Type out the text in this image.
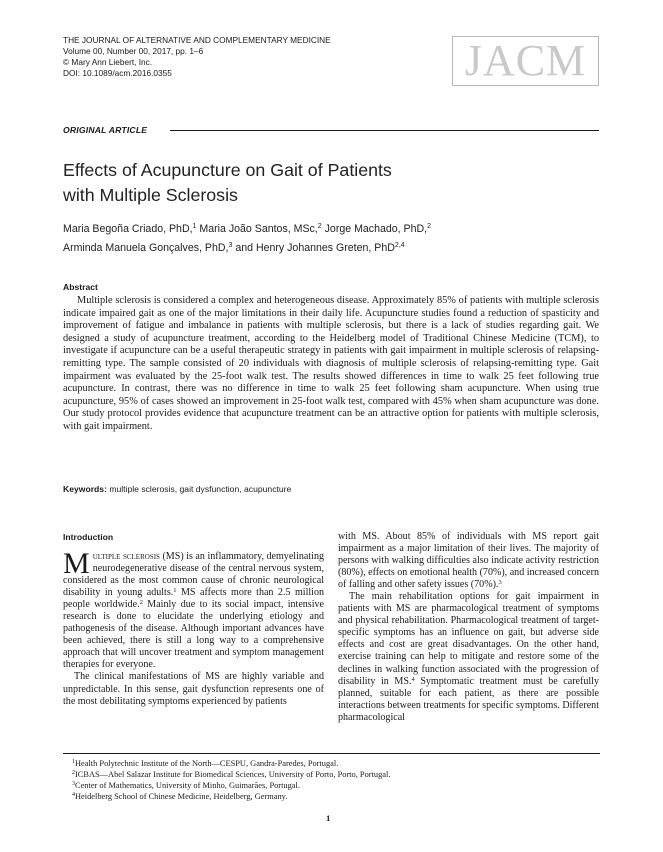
THE JOURNAL OF ALTERNATIVE AND COMPLEMENTARY MEDICINE
Volume 00, Number 00, 2017, pp. 1–6
© Mary Ann Liebert, Inc.
DOI: 10.1089/acm.2016.0355	JACM
ORIGINAL ARTICLE
Effects of Acupuncture on Gait of Patients
with Multiple Sclerosis
Maria Begoña Criado, PhD,$^1$ Maria João Santos, MSc,$^2$ Jorge Machado, PhD,$^2$
Arminda Manuela Gonçalves, PhD,$^3$ and Henry Johannes Greten, PhD$^{2,4}$
Abstract

Multiple sclerosis is considered a complex and heterogeneous disease. Approximately 85% of patients with multiple sclerosis indicate impaired gait as one of the major limitations in their daily life. Acupuncture studies found a reduction of spasticity and improvement of fatigue and imbalance in patients with multiple sclerosis, but there is a lack of studies regarding gait. We designed a study of acupuncture treatment, according to the Heidelberg model of Traditional Chinese Medicine (TCM), to investigate if acupuncture can be a useful therapeutic strategy in patients with gait impairment in multiple sclerosis of relapsing-remitting type. The sample consisted of 20 individuals with diagnosis of multiple sclerosis of relapsing-remitting type. Gait impairment was evaluated by the 25-foot walk test. The results showed differences in time to walk 25 feet following true acupuncture. In contrast, there was no difference in time to walk 25 feet following sham acupuncture. When using true acupuncture, 95% of cases showed an improvement in 25-foot walk test, compared with 45% when sham acupuncture was done. Our study protocol provides evidence that acupuncture treatment can be an attractive option for patients with multiple sclerosis, with gait impairment.

Keywords: multiple sclerosis, gait dysfunction, acupuncture
Introduction

Multiple sclerosis (MS) is an inflammatory, demyelinating neurodegenerative disease of the central nervous system, considered as the most common cause of chronic neurological disability in young adults.$^1$ MS affects more than 2.5 million people worldwide.$^2$ Mainly due to its social impact, intensive research is done to elucidate the underlying etiology and pathogenesis of the disease. Although important advances have been achieved, there is still a long way to a comprehensive approach that will uncover treatment and symptom management therapies for everyone.

The clinical manifestations of MS are highly variable and unpredictable. In this sense, gait dysfunction represents one of the most debilitating symptoms experienced by patients

with MS. About 85% of individuals with MS report gait impairment as a major limitation of their lives. The majority of persons with walking difficulties also indicate activity restriction (80%), effects on emotional health (70%), and increased concern of falling and other safety issues (70%).$^3$

The main rehabilitation options for gait impairment in patients with MS are pharmacological treatment of symptoms and physical rehabilitation. Pharmacological treatment of target-specific symptoms has an influence on gait, but adverse side effects and cost are great disadvantages. On the other hand, exercise training can help to mitigate and restore some of the declines in walking function associated with the progression of disability in MS.$^4$ Symptomatic treatment must be carefully planned, suitable for each patient, as there are possible interactions between treatments for specific symptoms. Different pharmacological

$^1$Health Polytechnic Institute of the North—CESPU, Gandra-Paredes, Portugal.
$^2$ICBAS—Abel Salazar Institute for Biomedical Sciences, University of Porto, Porto, Portugal.
$^3$Center of Mathematics, University of Minho, Guimarães, Portugal.
$^4$Heidelberg School of Chinese Medicine, Heidelberg, Germany.
1
